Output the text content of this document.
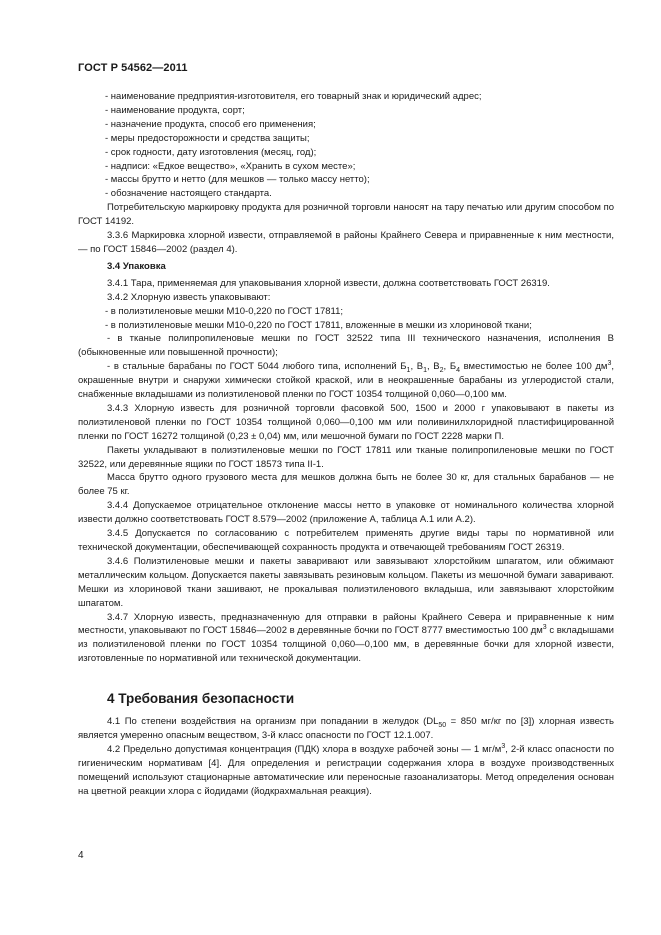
ГОСТ Р 54562—2011
- наименование предприятия-изготовителя, его товарный знак и юридический адрес;
- наименование продукта, сорт;
- назначение продукта, способ его применения;
- меры предосторожности и средства защиты;
- срок годности, дату изготовления (месяц, год);
- надписи: «Едкое вещество», «Хранить в сухом месте»;
- массы брутто и нетто (для мешков — только массу нетто);
- обозначение настоящего стандарта.
Потребительскую маркировку продукта для розничной торговли наносят на тару печатью или другим способом по ГОСТ 14192.
3.3.6 Маркировка хлорной извести, отправляемой в районы Крайнего Севера и приравненные к ним местности, — по ГОСТ 15846—2002 (раздел 4).
3.4 Упаковка
3.4.1 Тара, применяемая для упаковывания хлорной извести, должна соответствовать ГОСТ 26319.
3.4.2 Хлорную известь упаковывают:
- в полиэтиленовые мешки М10-0,220 по ГОСТ 17811;
- в полиэтиленовые мешки М10-0,220 по ГОСТ 17811, вложенные в мешки из хлориновой ткани;
- в тканые полипропиленовые мешки по ГОСТ 32522 типа III технического назначения, исполнения В (обыкновенные или повышенной прочности);
- в стальные барабаны по ГОСТ 5044 любого типа, исполнений $Б_1$, $В_1$, $В_2$, $Б_4$ вместимостью не более 100 $дм^3$, окрашенные внутри и снаружи химически стойкой краской, или в неокрашенные барабаны из углеродистой стали, снабженные вкладышами из полиэтиленовой пленки по ГОСТ 10354 толщиной 0,060—0,100 мм.
3.4.3 Хлорную известь для розничной торговли фасовкой 500, 1500 и 2000 г упаковывают в пакеты из полиэтиленовой пленки по ГОСТ 10354 толщиной 0,060—0,100 мм или поливинилхлоридной пластифицированной пленки по ГОСТ 16272 толщиной (0,23 ± 0,04) мм, или мешочной бумаги по ГОСТ 2228 марки П.
Пакеты укладывают в полиэтиленовые мешки по ГОСТ 17811 или тканые полипропиленовые мешки по ГОСТ 32522, или деревянные ящики по ГОСТ 18573 типа II-1.
Масса брутто одного грузового места для мешков должна быть не более 30 кг, для стальных барабанов — не более 75 кг.
3.4.4 Допускаемое отрицательное отклонение массы нетто в упаковке от номинального количества хлорной извести должно соответствовать ГОСТ 8.579—2002 (приложение А, таблица А.1 или А.2).
3.4.5 Допускается по согласованию с потребителем применять другие виды тары по нормативной или технической документации, обеспечивающей сохранность продукта и отвечающей требованиям ГОСТ 26319.
3.4.6 Полиэтиленовые мешки и пакеты заваривают или завязывают хлорстойким шпагатом, или обжимают металлическим кольцом. Допускается пакеты завязывать резиновым кольцом. Пакеты из мешочной бумаги заваривают. Мешки из хлориновой ткани зашивают, не прокалывая полиэтиленового вкладыша, или завязывают хлорстойким шпагатом.
3.4.7 Хлорную известь, предназначенную для отправки в районы Крайнего Севера и приравненные к ним местности, упаковывают по ГОСТ 15846—2002 в деревянные бочки по ГОСТ 8777 вместимостью 100 $дм^3$ с вкладышами из полиэтиленовой пленки по ГОСТ 10354 толщиной 0,060—0,100 мм, в деревянные бочки для хлорной извести, изготовленные по нормативной или технической документации.
4 Требования безопасности
4.1 По степени воздействия на организм при попадании в желудок ($DL_{50} = 850$ мг/кг по [3]) хлорная известь является умеренно опасным веществом, 3-й класс опасности по ГОСТ 12.1.007.
4.2 Предельно допустимая концентрация (ПДК) хлора в воздухе рабочей зоны — 1 $мг/м^3$, 2-й класс опасности по гигиеническим нормативам [4]. Для определения и регистрации содержания хлора в воздухе производственных помещений используют стационарные автоматические или переносные газоанализаторы. Метод определения основан на цветной реакции хлора с йодидами (йодкрахмальная реакция).
4
